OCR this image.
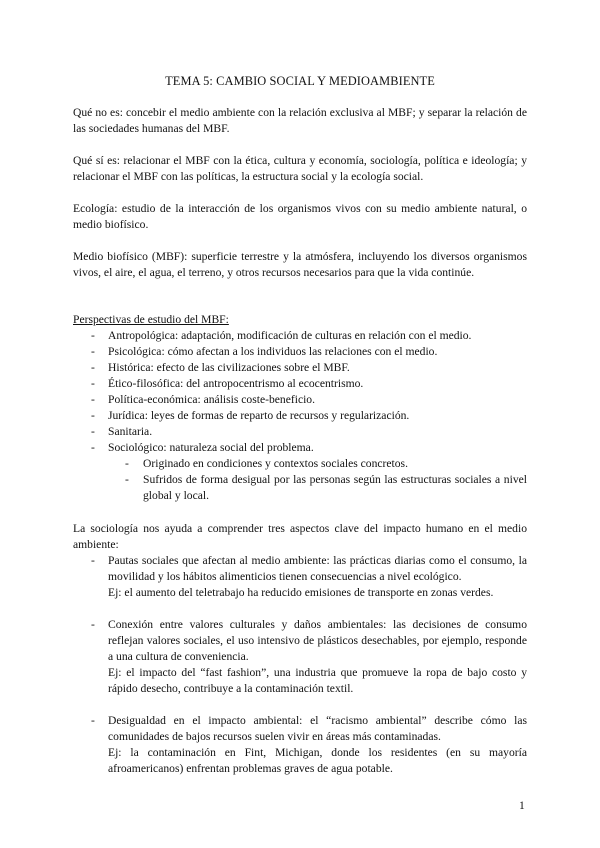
TEMA 5: CAMBIO SOCIAL Y MEDIOAMBIENTE

Qué no es: concebir el medio ambiente con la relación exclusiva al MBF; y separar la relación de las sociedades humanas del MBF.

Qué sí es: relacionar el MBF con la ética, cultura y economía, sociología, política e ideología; y relacionar el MBF con las políticas, la estructura social y la ecología social.

Ecología: estudio de la interacción de los organismos vivos con su medio ambiente natural, o medio biofísico.

Medio biofísico (MBF): superficie terrestre y la atmósfera, incluyendo los diversos organismos vivos, el aire, el agua, el terreno, y otros recursos necesarios para que la vida continúe.

Perspectivas de estudio del MBF:

- Antropológica: adaptación, modificación de culturas en relación con el medio.
- Psicológica: cómo afectan a los individuos las relaciones con el medio.
- Histórica: efecto de las civilizaciones sobre el MBF.
- Ético-filosófica: del antropocentrismo al ecocentrismo.
- Política-económica: análisis coste-beneficio.
- Jurídica: leyes de formas de reparto de recursos y regularización.
- Sanitaria.
- Sociológico: naturaleza social del problema.
- Originado en condiciones y contextos sociales concretos.
- Sufridos de forma desigual por las personas según las estructuras sociales a nivel global y local.

La sociología nos ayuda a comprender tres aspectos clave del impacto humano en el medio ambiente:

- Pautas sociales que afectan al medio ambiente: las prácticas diarias como el consumo, la movilidad y los hábitos alimenticios tienen consecuencias a nivel ecológico.
Ej: el aumento del teletrabajo ha reducido emisiones de transporte en zonas verdes.
- Conexión entre valores culturales y daños ambientales: las decisiones de consumo reflejan valores sociales, el uso intensivo de plásticos desechables, por ejemplo, responde a una cultura de conveniencia.
Ej: el impacto del “fast fashion”, una industria que promueve la ropa de bajo costo y rápido desecho, contribuye a la contaminación textil.
- Desigualdad en el impacto ambiental: el “racismo ambiental” describe cómo las comunidades de bajos recursos suelen vivir en áreas más contaminadas.
Ej: la contaminación en Fint, Michigan, donde los residentes (en su mayoría afroamericanos) enfrentan problemas graves de agua potable.
1
